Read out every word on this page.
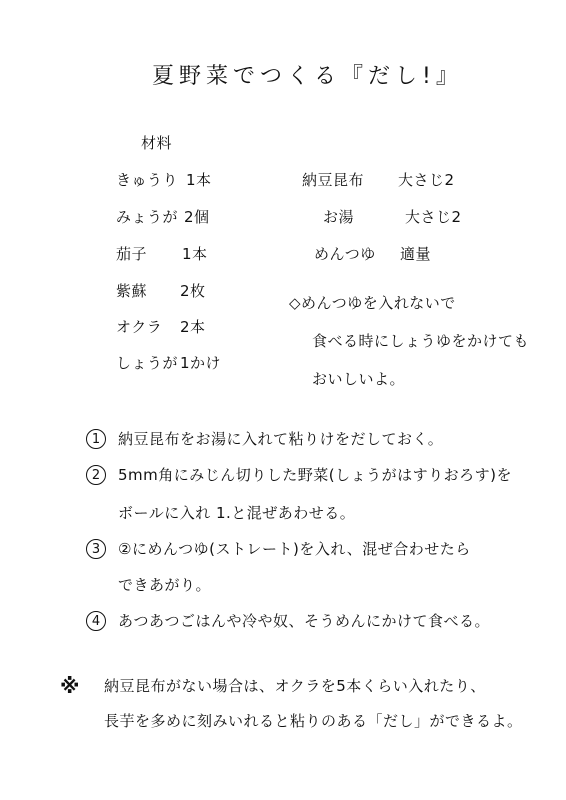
夏野菜でつくる『だし!』
材料
きゅうり 1本
みょうが 2個
茄子 1本
紫蘇 2枚
オクラ 2本
しょうが 1かけ
納豆昆布 大さじ2
お湯	大さじ2
めんつゆ 適量
◇めんつゆを入れないで
食べる時にしょうゆをかけても
おいしいよ。
1	納豆昆布をお湯に入れて粘りけをだしておく。
2	5mm角にみじん切りした野菜(しょうがはすりおろす)を
ボールに入れ 1.と混ぜあわせる。
3	②にめんつゆ(ストレート)を入れ、混ぜ合わせたら
できあがり。
4	あつあつごはんや冷や奴、そうめんにかけて食べる。
※ 納豆昆布がない場合は、オクラを5本くらい入れたり、
長芋を多めに刻みいれると粘りのある「だし」ができるよ。
